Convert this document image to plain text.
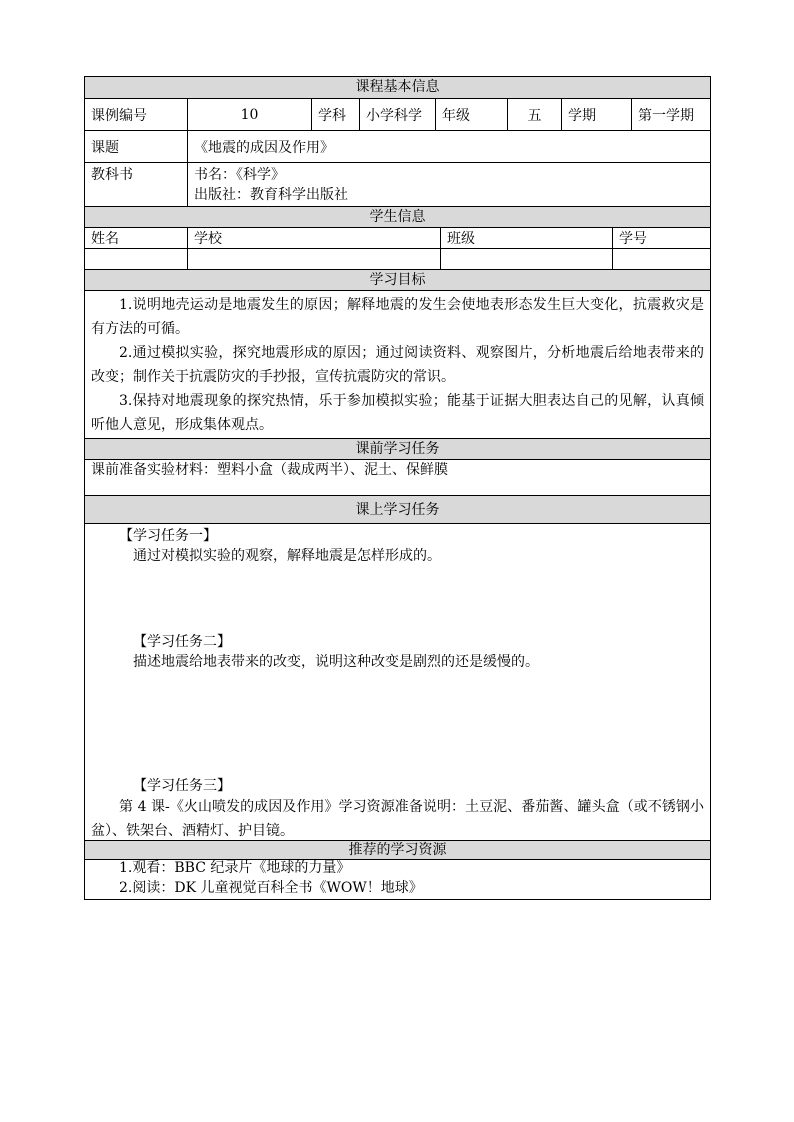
课程基本信息
课例编号	10	学科	小学科学	年级	五	学期	第一学期
课题	《地震的成因及作用》
教科书	书名：《科学》
出版社：教育科学出版社
学生信息
姓名	学校	班级	学号
学习目标

1.说明地壳运动是地震发生的原因；解释地震的发生会使地表形态发生巨大变化，抗震救灾是有方法的可循。

2.通过模拟实验，探究地震形成的原因；通过阅读资料、观察图片，分析地震后给地表带来的改变；制作关于抗震防灾的手抄报，宣传抗震防灾的常识。

3.保持对地震现象的探究热情，乐于参加模拟实验；能基于证据大胆表达自己的见解，认真倾听他人意见，形成集体观点。

课前学习任务
课前准备实验材料：塑料小盒（裁成两半）、泥土、保鲜膜
课上学习任务
【学习任务一】
通过对模拟实验的观察，解释地震是怎样形成的。
【学习任务二】
描述地震给地表带来的改变，说明这种改变是剧烈的还是缓慢的。
【学习任务三】

第 4 课-《火山喷发的成因及作用》学习资源准备说明：土豆泥、番茄酱、罐头盒（或不锈钢小盆）、铁架台、酒精灯、护目镜。

推荐的学习资源
1.观看：BBC 纪录片《地球的力量》
2.阅读：DK 儿童视觉百科全书《WOW！地球》
